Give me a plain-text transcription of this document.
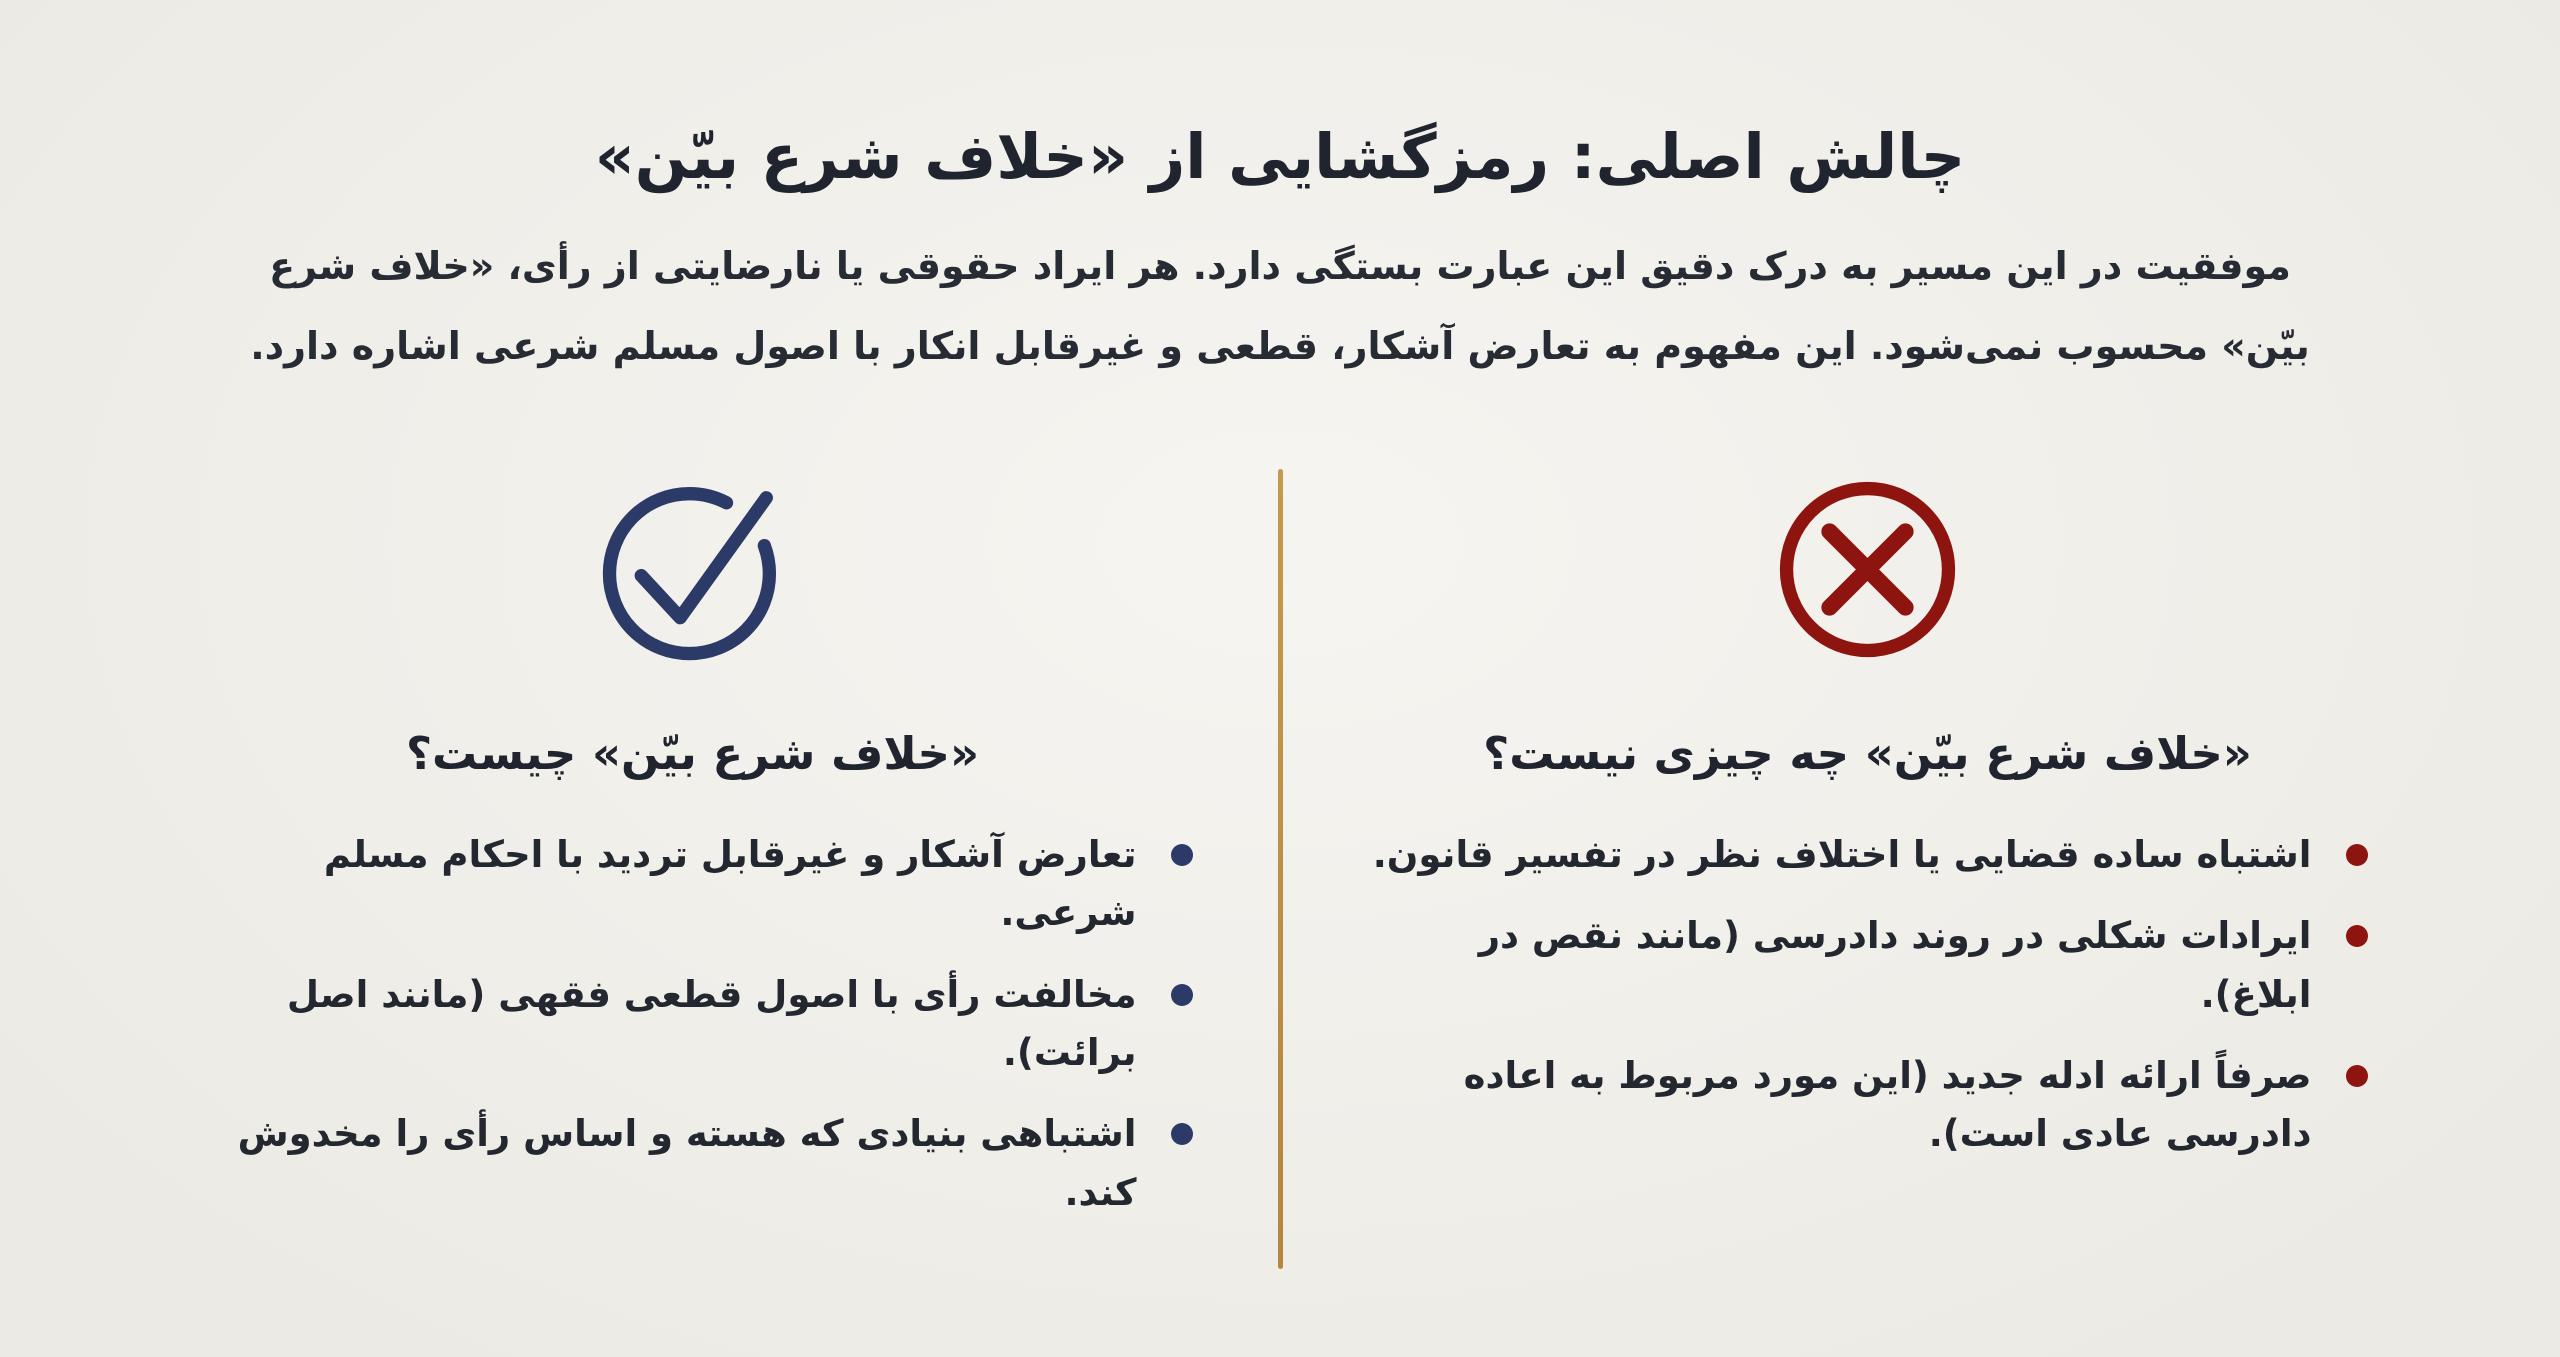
چالش اصلی: رمزگشایی از «خلاف شرع بیّن»

موفقیت در این مسیر به درک دقیق این عبارت بستگی دارد. هر ایراد حقوقی یا نارضایتی از رأی، «خلاف شرع بیّن» محسوب نمی‌شود. این مفهوم به تعارض آشکار، قطعی و غیرقابل انکار با اصول مسلم شرعی اشاره دارد.

«خلاف شرع بیّن» چه چیزی نیست؟
اشتباه ساده قضایی یا اختلاف نظر در تفسیر قانون.
ایرادات شکلی در روند دادرسی (مانند نقص در ابلاغ).
صرفاً ارائه ادله جدید (این مورد مربوط به اعاده دادرسی عادی است).
«خلاف شرع بیّن» چیست؟
تعارض آشکار و غیرقابل تردید با احکام مسلم شرعی.
مخالفت رأی با اصول قطعی فقهی (مانند اصل برائت).
اشتباهی بنیادی که هسته و اساس رأی را مخدوش کند.
